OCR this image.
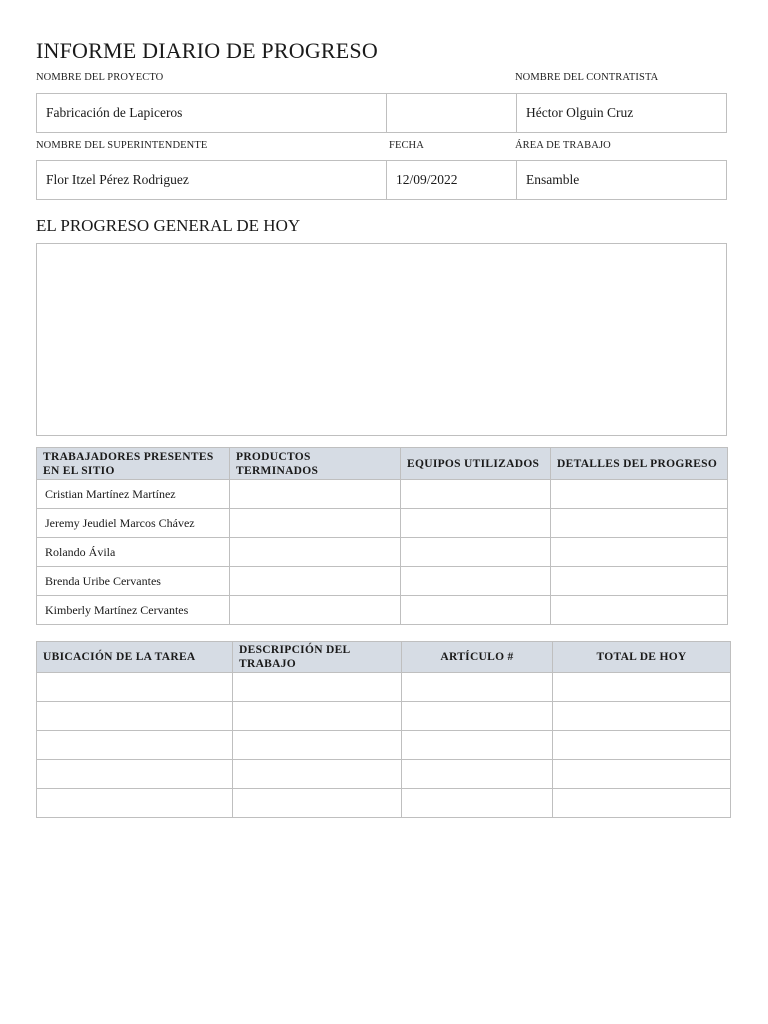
INFORME DIARIO DE PROGRESO
NOMBRE DEL PROYECTO	NOMBRE DEL CONTRATISTA
Fabricación de Lapiceros	Héctor Olguin Cruz
NOMBRE DEL SUPERINTENDENTE	FECHA	ÁREA DE TRABAJO
Flor Itzel Pérez Rodriguez	12/09/2022	Ensamble
EL PROGRESO GENERAL DE HOY
TRABAJADORES PRESENTES EN EL SITIO	PRODUCTOS TERMINADOS	EQUIPOS UTILIZADOS	DETALLES DEL PROGRESO
Cristian Martínez Martínez			
Jeremy Jeudiel Marcos Chávez			
Rolando Ávila			
Brenda Uribe Cervantes			
Kimberly Martínez Cervantes			
UBICACIÓN DE LA TAREA	DESCRIPCIÓN DEL TRABAJO	ARTÍCULO #	TOTAL DE HOY
